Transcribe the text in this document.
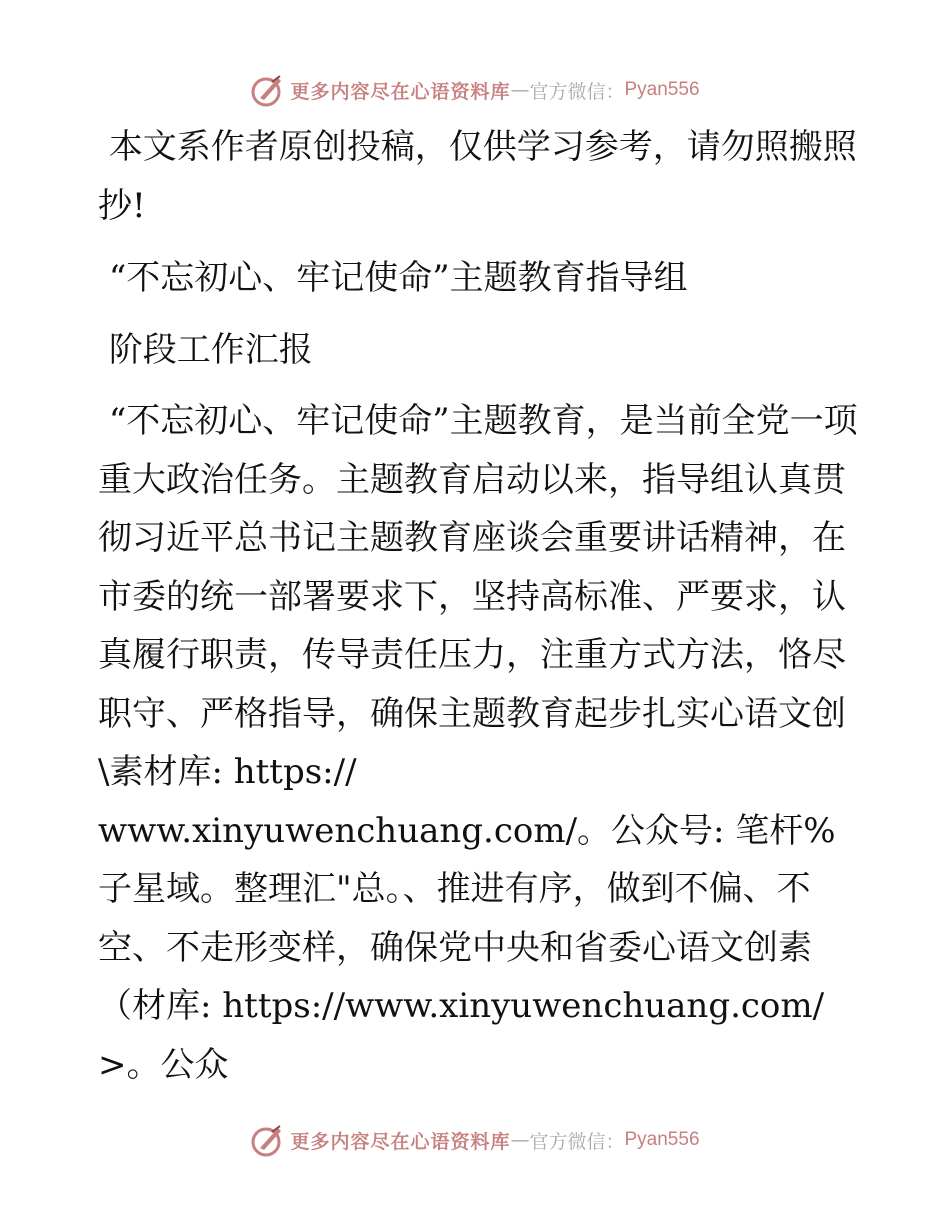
更多内容尽在心语资料库 — 官方微信： Pyan556

本文系作者原创投稿，仅供学习参考，请勿照搬照抄!

“不忘初心、牢记使命”主题教育指导组

阶段工作汇报

“不忘初心、牢记使命”主题教育，是当前全党一项重大政治任务。主题教育启动以来，指导组认真贯彻习近平总书记主题教育座谈会重要讲话精神，在市委的统一部署要求下，坚持高标准、严要求，认真履行职责，传导责任压力，注重方式方法，恪尽职守、严格指导，确保主题教育起步扎实心语文创\素材库: https://
www.xinyuwenchuang.com/。公众号: 笔杆%子星域。整理汇"总。、推进有序，做到不偏、不空、不走形变样，确保党中央和省委心语文创素（材库: https://www.xinyuwenchuang.com/>。公众

更多内容尽在心语资料库 — 官方微信： Pyan556
